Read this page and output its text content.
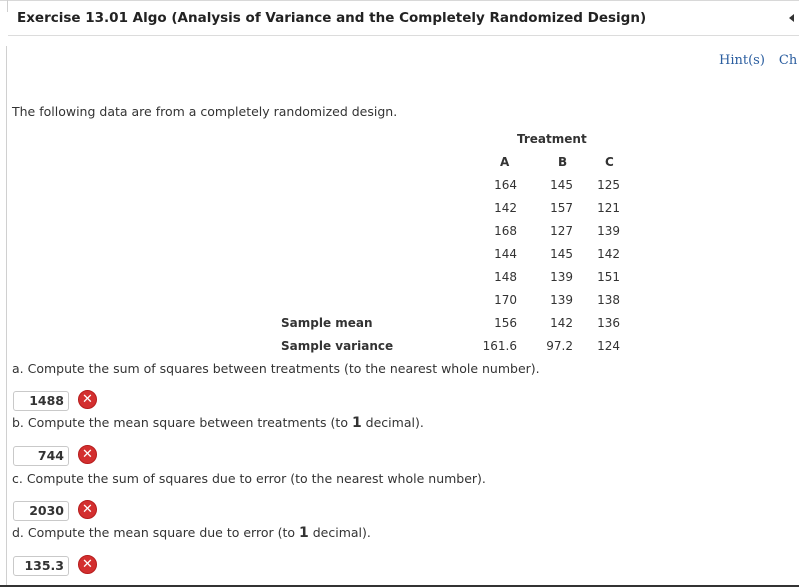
Exercise 13.01 Algo (Analysis of Variance and the Completely Randomized Design)
Hint(s) Ch
The following data are from a completely randomized design.
Treatment
A	B	C
164	145	125
142	157	121
168	127	139
144	145	142
148	139	151
170	139	138
Sample mean	156	142	136
Sample variance	161.6	97.2	124
a. Compute the sum of squares between treatments (to the nearest whole number).
1488	✕
b. Compute the mean square between treatments (to 1 decimal).
744	✕
c. Compute the sum of squares due to error (to the nearest whole number).
2030	✕
d. Compute the mean square due to error (to 1 decimal).
135.3	✕
